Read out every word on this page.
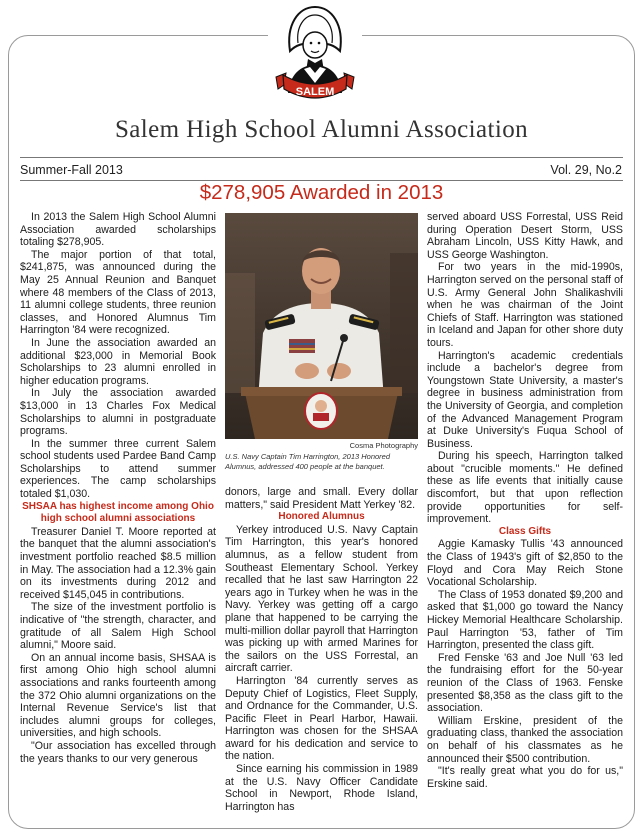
SALEM
Salem High School Alumni Association
Summer-Fall 2013	Vol. 29, No.2
$278,905 Awarded in 2013

In 2013 the Salem High School Alumni Association awarded scholarships totaling $278,905.

The major portion of that total, $241,875, was announced during the May 25 Annual Reunion and Banquet where 48 members of the Class of 2013, 11 alumni college students, three reunion classes, and Honored Alumnus Tim Harrington '84 were recognized.

In June the association awarded an additional $23,000 in Memorial Book Scholarships to 23 alumni enrolled in higher education programs.

In July the association awarded $13,000 in 13 Charles Fox Medical Scholarships to alumni in postgraduate programs.

In the summer three current Salem school students used Pardee Band Camp Scholarships to attend summer experiences. The camp scholarships totaled $1,030.

SHSAA has highest income among Ohio high school alumni associations

Treasurer Daniel T. Moore reported at the banquet that the alumni association's investment portfolio reached $8.5 million in May. The association had a 12.3% gain on its investments during 2012 and received $145,045 in contributions.

The size of the investment portfolio is indicative of "the strength, character, and gratitude of all Salem High School alumni," Moore said.

On an annual income basis, SHSAA is first among Ohio high school alumni associations and ranks fourteenth among the 372 Ohio alumni organizations on the Internal Revenue Service's list that includes alumni groups for colleges, universities, and high schools.

"Our association has excelled through the years thanks to our very generous

Cosma Photography
U.S. Navy Captain Tim Harrington, 2013 Honored Alumnus, addressed 400 people at the banquet.

donors, large and small. Every dollar matters," said President Matt Yerkey '82.

Honored Alumnus

Yerkey introduced U.S. Navy Captain Tim Harrington, this year's honored alumnus, as a fellow student from Southeast Elementary School. Yerkey recalled that he last saw Harrington 22 years ago in Turkey when he was in the Navy. Yerkey was getting off a cargo plane that happened to be carrying the multi-million dollar payroll that Harrington was picking up with armed Marines for the sailors on the USS Forrestal, an aircraft carrier.

Harrington '84 currently serves as Deputy Chief of Logistics, Fleet Supply, and Ordnance for the Commander, U.S. Pacific Fleet in Pearl Harbor, Hawaii. Harrington was chosen for the SHSAA award for his dedication and service to the nation.

Since earning his commission in 1989 at the U.S. Navy Officer Candidate School in Newport, Rhode Island, Harrington has

served aboard USS Forrestal, USS Reid during Operation Desert Storm, USS Abraham Lincoln, USS Kitty Hawk, and USS George Washington.

For two years in the mid-1990s, Harrington served on the personal staff of U.S. Army General John Shalikashvili when he was chairman of the Joint Chiefs of Staff. Harrington was stationed in Iceland and Japan for other shore duty tours.

Harrington's academic credentials include a bachelor's degree from Youngstown State University, a master's degree in business administration from the University of Georgia, and completion of the Advanced Management Program at Duke University's Fuqua School of Business.

During his speech, Harrington talked about "crucible moments." He defined these as life events that initially cause discomfort, but that upon reflection provide opportunities for self-improvement.

Class Gifts

Aggie Kamasky Tullis '43 announced the Class of 1943's gift of $2,850 to the Floyd and Cora May Reich Stone Vocational Scholarship.

The Class of 1953 donated $9,200 and asked that $1,000 go toward the Nancy Hickey Memorial Healthcare Scholarship. Paul Harrington '53, father of Tim Harrington, presented the class gift.

Fred Fenske '63 and Joe Null '63 led the fundraising effort for the 50-year reunion of the Class of 1963. Fenske presented $8,358 as the class gift to the association.

William Erskine, president of the graduating class, thanked the association on behalf of his classmates as he announced their $500 contribution.

"It's really great what you do for us," Erskine said.
